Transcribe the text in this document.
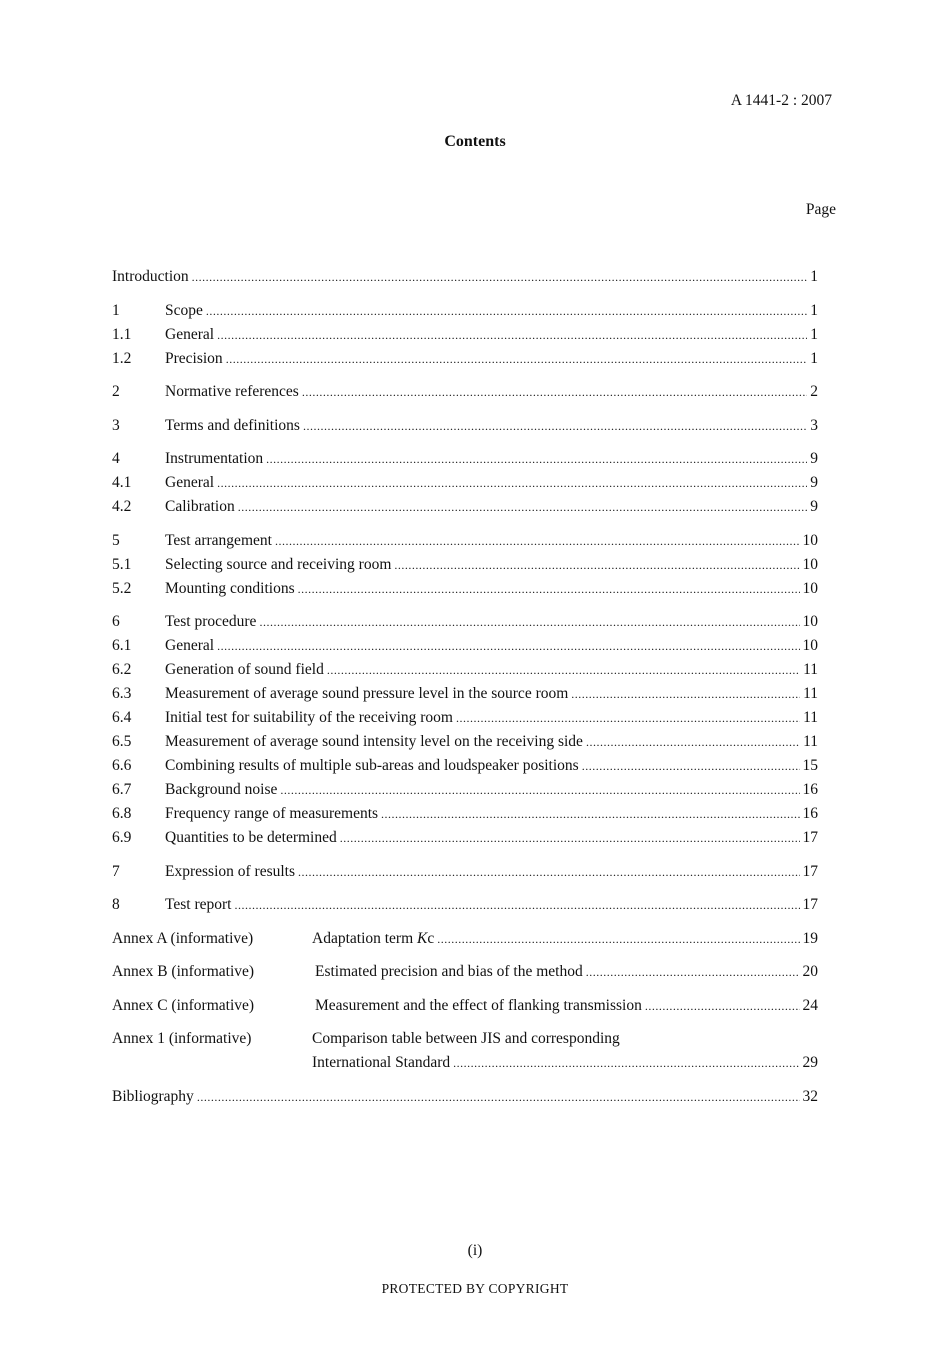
A 1441-2 : 2007
Contents
Page
Introduction .....	1
1	Scope .....	1
1.1	General .....	1
1.2	Precision .....	1
2	Normative references .....	2
3	Terms and definitions .....	3
4	Instrumentation .....	9
4.1	General .....	9
4.2	Calibration .....	9
5	Test arrangement .....	10
5.1	Selecting source and receiving room .....	10
5.2	Mounting conditions .....	10
6	Test procedure .....	10
6.1	General .....	10
6.2	Generation of sound field .....	11
6.3	Measurement of average sound pressure level in the source room .....	11
6.4	Initial test for suitability of the receiving room .....	11
6.5	Measurement of average sound intensity level on the receiving side .....	11
6.6	Combining results of multiple sub-areas and loudspeaker positions .....	15
6.7	Background noise .....	16
6.8	Frequency range of measurements .....	16
6.9	Quantities to be determined .....	17
7	Expression of results .....	17
8	Test report .....	17
Annex A (informative)	Adaptation term Kc .....	19
Annex B (informative)	Estimated precision and bias of the method .....	20
Annex C (informative)	Measurement and the effect of flanking transmission .....	24
Annex 1 (informative)	Comparison table between JIS and corresponding
International Standard .....	29
Bibliography .....	32
(i)
PROTECTED BY COPYRIGHT
